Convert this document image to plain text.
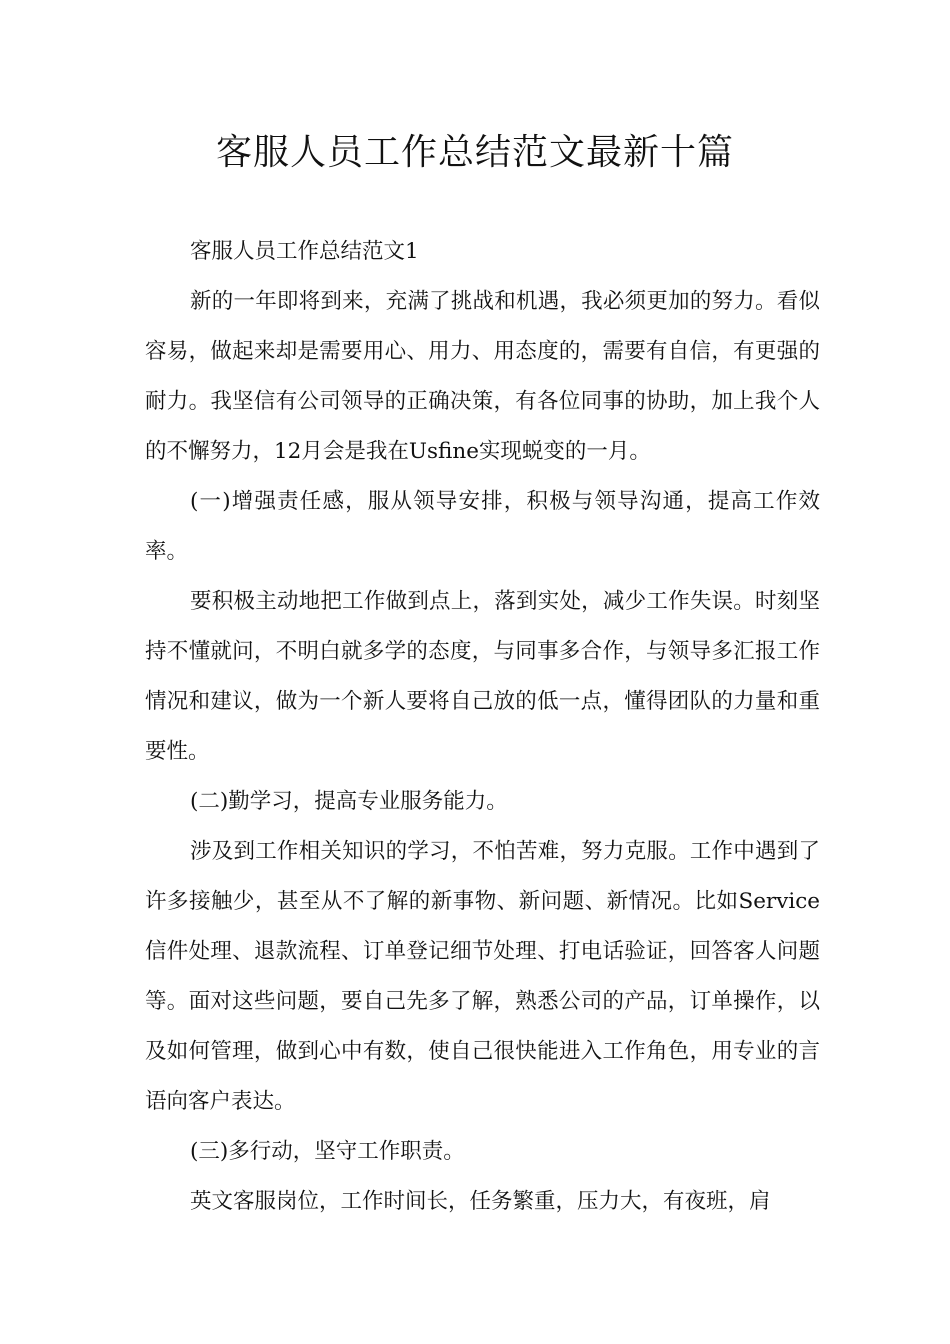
客服人员工作总结范文最新十篇

客服人员工作总结范文1

新的一年即将到来，充满了挑战和机遇，我必须更加的努力。看似容易，做起来却是需要用心、用力、用态度的，需要有自信，有更强的耐力。我坚信有公司领导的正确决策，有各位同事的协助，加上我个人的不懈努力，12月会是我在Usfine实现蜕变的一月。

(一)增强责任感，服从领导安排，积极与领导沟通，提高工作效率。

要积极主动地把工作做到点上，落到实处，减少工作失误。时刻坚持不懂就问，不明白就多学的态度，与同事多合作，与领导多汇报工作情况和建议，做为一个新人要将自己放的低一点，懂得团队的力量和重要性。

(二)勤学习，提高专业服务能力。

涉及到工作相关知识的学习，不怕苦难，努力克服。工作中遇到了许多接触少，甚至从不了解的新事物、新问题、新情况。比如Service信件处理、退款流程、订单登记细节处理、打电话验证，回答客人问题等。面对这些问题，要自己先多了解，熟悉公司的产品，订单操作，以及如何管理，做到心中有数，使自己很快能进入工作角色，用专业的言语向客户表达。

(三)多行动，坚守工作职责。

英文客服岗位，工作时间长，任务繁重，压力大，有夜班，肩
